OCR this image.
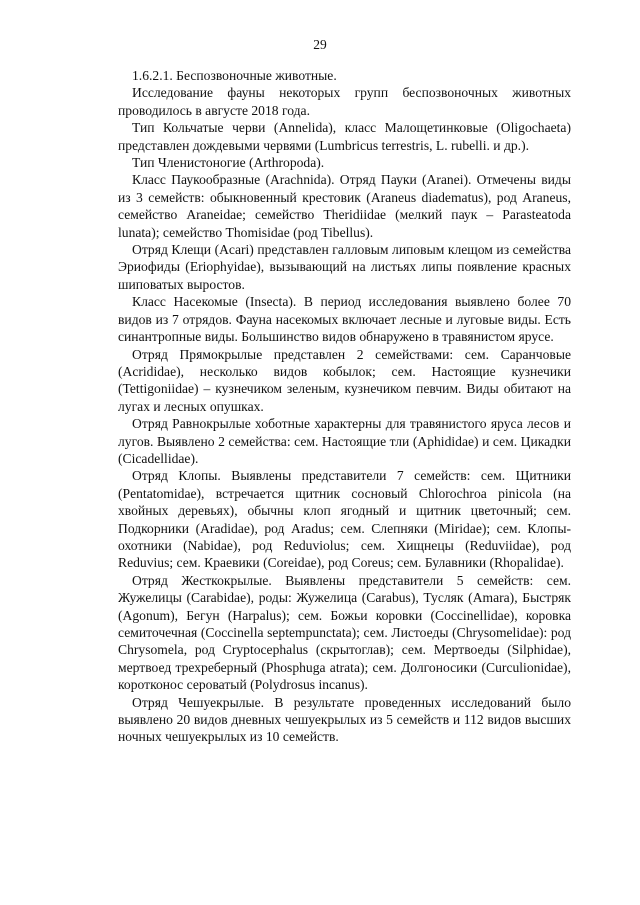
29

1.6.2.1. Беспозвоночные животные.

Исследование фауны некоторых групп беспозвоночных животных проводилось в августе 2018 года.

Тип Кольчатые черви (Annelida), класс Малощетинковые (Oligochaeta) представлен дождевыми червями (Lumbricus terrestris, L. rubelli. и др.).

Тип Членистоногие (Arthropoda).

Класс Паукообразные (Arachnida). Отряд Пауки (Aranei). Отмечены виды из 3 семейств: обыкновенный крестовик (Araneus diadematus), род Araneus, семейство Araneidae; семейство Theridiidae (мелкий паук – Parasteatoda lunata); семейство Thomisidae (род Tibellus).

Отряд Клещи (Acari) представлен галловым липовым клещом из семейства Эриофиды (Eriophyidae), вызывающий на листьях липы появление красных шиповатых выростов.

Класс Насекомые (Insecta). В период исследования выявлено более 70 видов из 7 отрядов. Фауна насекомых включает лесные и луговые виды. Есть синантропные виды. Большинство видов обнаружено в травянистом ярусе.

Отряд Прямокрылые представлен 2 семействами: сем. Саранчовые (Acrididae), несколько видов кобылок; сем. Настоящие кузнечики (Tettigoniidae) – кузнечиком зеленым, кузнечиком певчим. Виды обитают на лугах и лесных опушках.

Отряд Равнокрылые хоботные характерны для травянистого яруса лесов и лугов. Выявлено 2 семейства: сем. Настоящие тли (Aphididae) и сем. Цикадки (Cicadellidae).

Отряд Клопы. Выявлены представители 7 семейств: сем. Щитники (Pentatomidae), встречается щитник сосновый Chlorochroa pinicola (на хвойных деревьях), обычны клоп ягодный и щитник цветочный; сем. Подкорники (Aradidae), род Aradus; сем. Слепняки (Miridae); сем. Клопы-охотники (Nabidae), род Reduviolus; сем. Хищнецы (Reduviidae), род Reduvius; сем. Краевики (Coreidae), род Coreus; сем. Булавники (Rhopalidae).

Отряд Жесткокрылые. Выявлены представители 5 семейств: сем. Жужелицы (Carabidae), роды: Жужелица (Carabus), Тусляк (Amara), Быстряк (Agonum), Бегун (Harpalus); сем. Божьи коровки (Coccinellidae), коровка семиточечная (Coccinella septempunctata); сем. Листоеды (Chrysomelidae): род Chrysomela, род Cryptocephalus (скрытоглав); сем. Мертвоеды (Silphidae), мертвоед трехреберный (Phosphuga atrata); сем. Долгоносики (Curculionidae), коротконос сероватый (Polydrosus incanus).

Отряд Чешуекрылые. В результате проведенных исследований было выявлено 20 видов дневных чешуекрылых из 5 семейств и 112 видов высших ночных чешуекрылых из 10 семейств.
